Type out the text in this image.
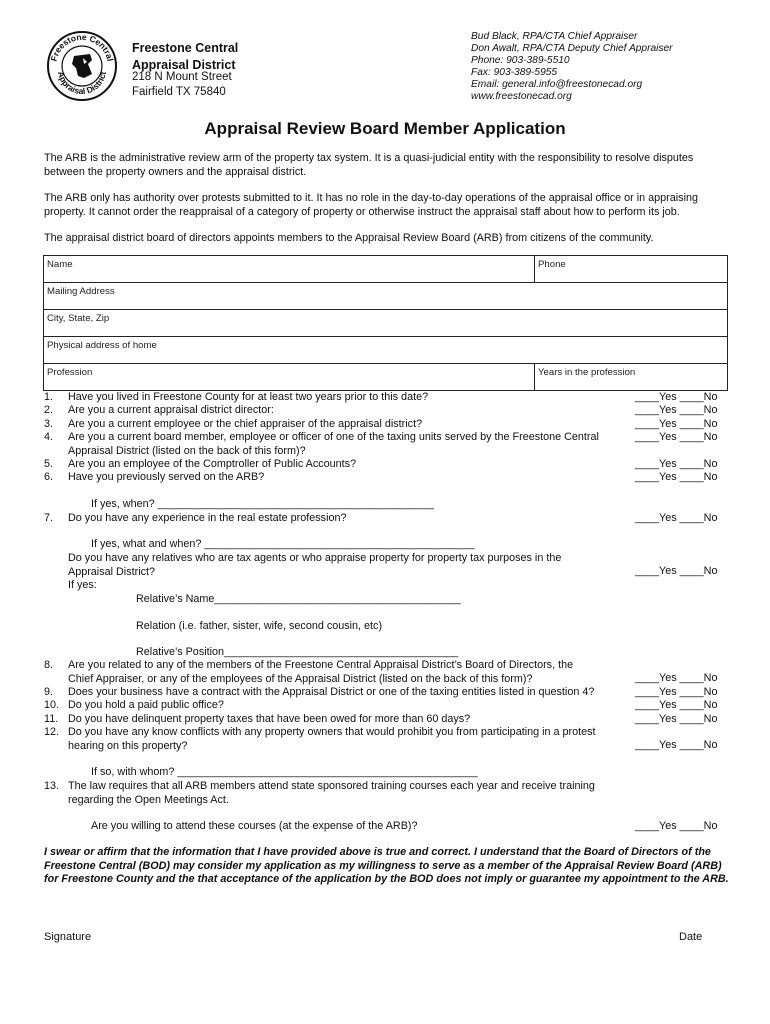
Freestone Central
Appraisal District
Freestone Central
Appraisal District
218 N Mount Street
Fairfield TX 75840
Bud Black, RPA/CTA Chief Appraiser
Don Awalt, RPA/CTA Deputy Chief Appraiser
Phone: 903-389-5510
Fax: 903-389-5955
Email: general.info@freestonecad.org
www.freestonecad.org
Appraisal Review Board Member Application
The ARB is the administrative review arm of the property tax system. It is a quasi-judicial entity with the responsibility to resolve disputes between the property owners and the appraisal district.
The ARB only has authority over protests submitted to it. It has no role in the day-to-day operations of the appraisal office or in appraising property. It cannot order the reappraisal of a category of property or otherwise instruct the appraisal staff about how to perform its job.
The appraisal district board of directors appoints members to the Appraisal Review Board (ARB) from citizens of the community.
Name	Phone
Mailing Address	
City, State, Zip	
Physical address of home	
Profession	Years in the profession
1.	Have you lived in Freestone County for at least two years prior to this date?	____Yes ____No
2.	Are you a current appraisal district director:	____Yes ____No
3.	Are you a current employee or the chief appraiser of the appraisal district?	____Yes ____No
4.	Are you a current board member, employee or officer of one of the taxing units served by the Freestone Central
Appraisal District (listed on the back of this form)?
____Yes ____No
5.	Are you an employee of the Comptroller of Public Accounts?	____Yes ____No
6.	Have you previously served on the ARB?	____Yes ____No
If yes, when? ______________________________________________
7.	Do you have any experience in the real estate profession?	____Yes ____No
If yes, what and when? _____________________________________________
Do you have any relatives who are tax agents or who appraise property for property tax purposes in the
Appraisal District?
If yes:
____Yes ____No
Relative’s Name_________________________________________
Relation (i.e. father, sister, wife, second cousin, etc)
Relative’s Position_______________________________________
8.	Are you related to any of the members of the Freestone Central Appraisal District’s Board of Directors, the
Chief Appraiser, or any of the employees of the Appraisal District (listed on the back of this form)?	____Yes ____No
9.	Does your business have a contract with the Appraisal District or one of the taxing entities listed in question 4?	____Yes ____No
10. Do you hold a paid public office?	____Yes ____No
11. Do you have delinquent property taxes that have been owed for more than 60 days?	____Yes ____No
12. Do you have any know conflicts with any property owners that would prohibit you from participating in a protest
hearing on this property?	____Yes ____No
If so, with whom? __________________________________________________
13. The law requires that all ARB members attend state sponsored training courses each year and receive training
regarding the Open Meetings Act.
Are you willing to attend these courses (at the expense of the ARB)?	____Yes ____No
I swear or affirm that the information that I have provided above is true and correct. I understand that the Board of Directors of the Freestone Central (BOD) may consider my application as my willingness to serve as a member of the Appraisal Review Board (ARB) for Freestone County and the that acceptance of the application by the BOD does not imply or guarantee my appointment to the ARB.
Signature	Date
